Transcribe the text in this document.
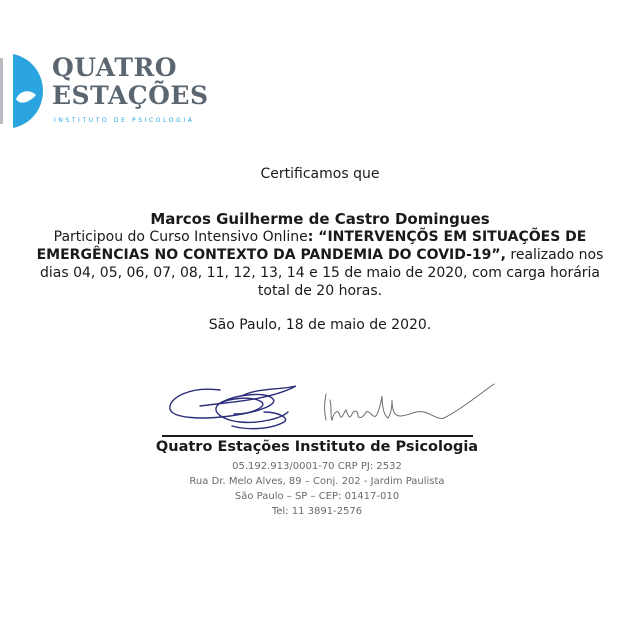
QUATRO
ESTAÇÕES
INSTITUTO DE PSICOLOGIA
Certificamos que
Marcos Guilherme de Castro Domingues
Participou do Curso Intensivo Online: “INTERVENÇÕS EM SITUAÇÕES DE EMERGÊNCIAS NO CONTEXTO DA PANDEMIA DO COVID-19”, realizado nos dias 04, 05, 06, 07, 08, 11, 12, 13, 14 e 15 de maio de 2020, com carga horária total de 20 horas.
São Paulo, 18 de maio de 2020.
Quatro Estações Instituto de Psicologia
05.192.913/0001-70 CRP PJ: 2532
Rua Dr. Melo Alves, 89 – Conj. 202 - Jardim Paulista
São Paulo – SP – CEP: 01417-010
Tel: 11 3891-2576
